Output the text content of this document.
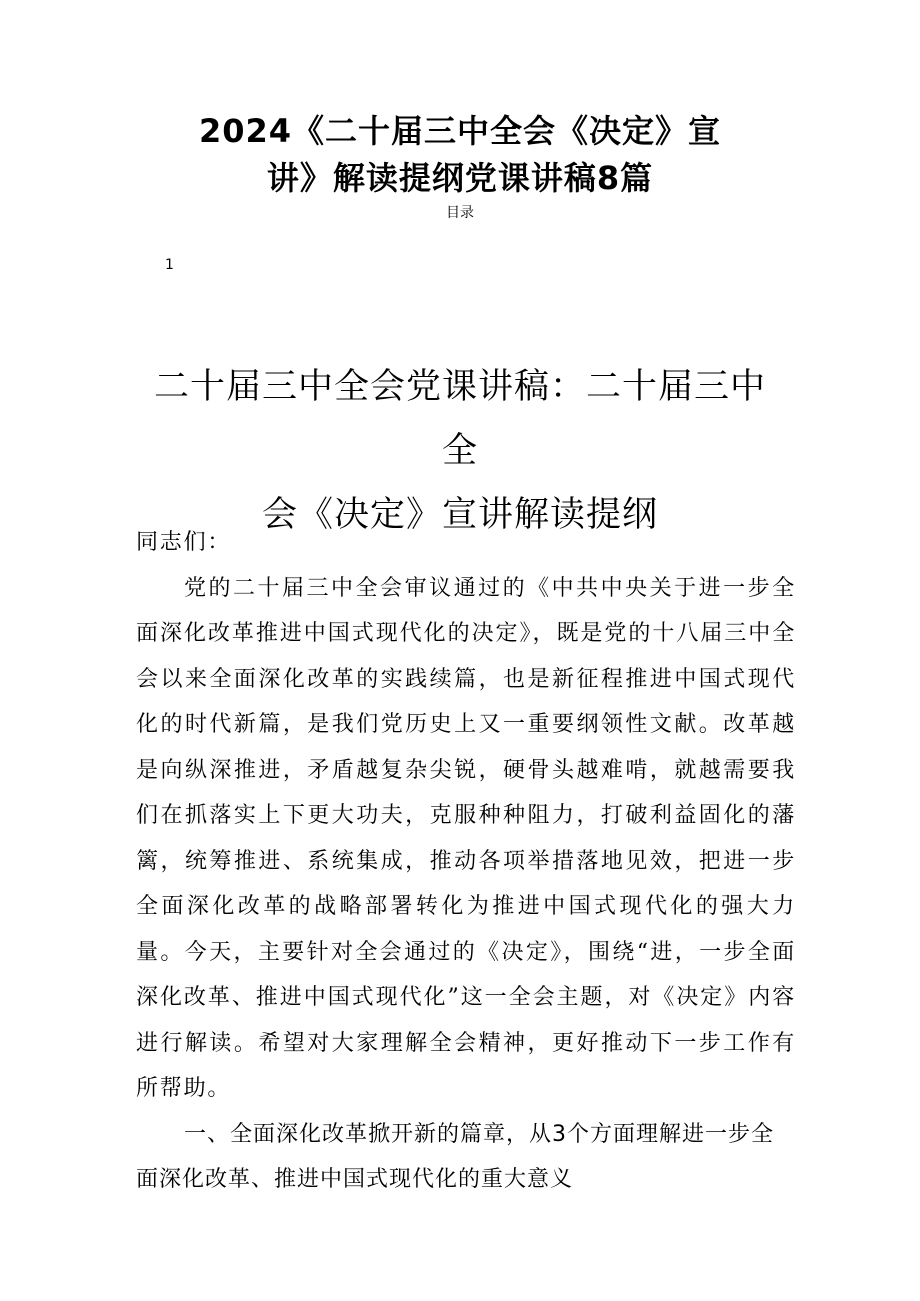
2024《二十届三中全会《决定》宣
讲》解读提纲党课讲稿8篇
目录
1
二十届三中全会党课讲稿：二十届三中全
会《决定》宣讲解读提纲

同志们：

党的二十届三中全会审议通过的《中共中央关于进一步全面深化改革推进中国式现代化的决定》，既是党的十八届三中全会以来全面深化改革的实践续篇，也是新征程推进中国式现代化的时代新篇，是我们党历史上又一重要纲领性文献。改革越是向纵深推进，矛盾越复杂尖锐，硬骨头越难啃，就越需要我们在抓落实上下更大功夫，克服种种阻力，打破利益固化的藩篱，统筹推进、系统集成，推动各项举措落地见效，把进一步全面深化改革的战略部署转化为推进中国式现代化的强大力量。今天，主要针对全会通过的《决定》，围绕“进，一步全面深化改革、推进中国式现代化”这一全会主题，对《决定》内容进行解读。希望对大家理解全会精神，更好推动下一步工作有所帮助。

一、全面深化改革掀开新的篇章，从3个方面理解进一步全面深化改革、推进中国式现代化的重大意义
